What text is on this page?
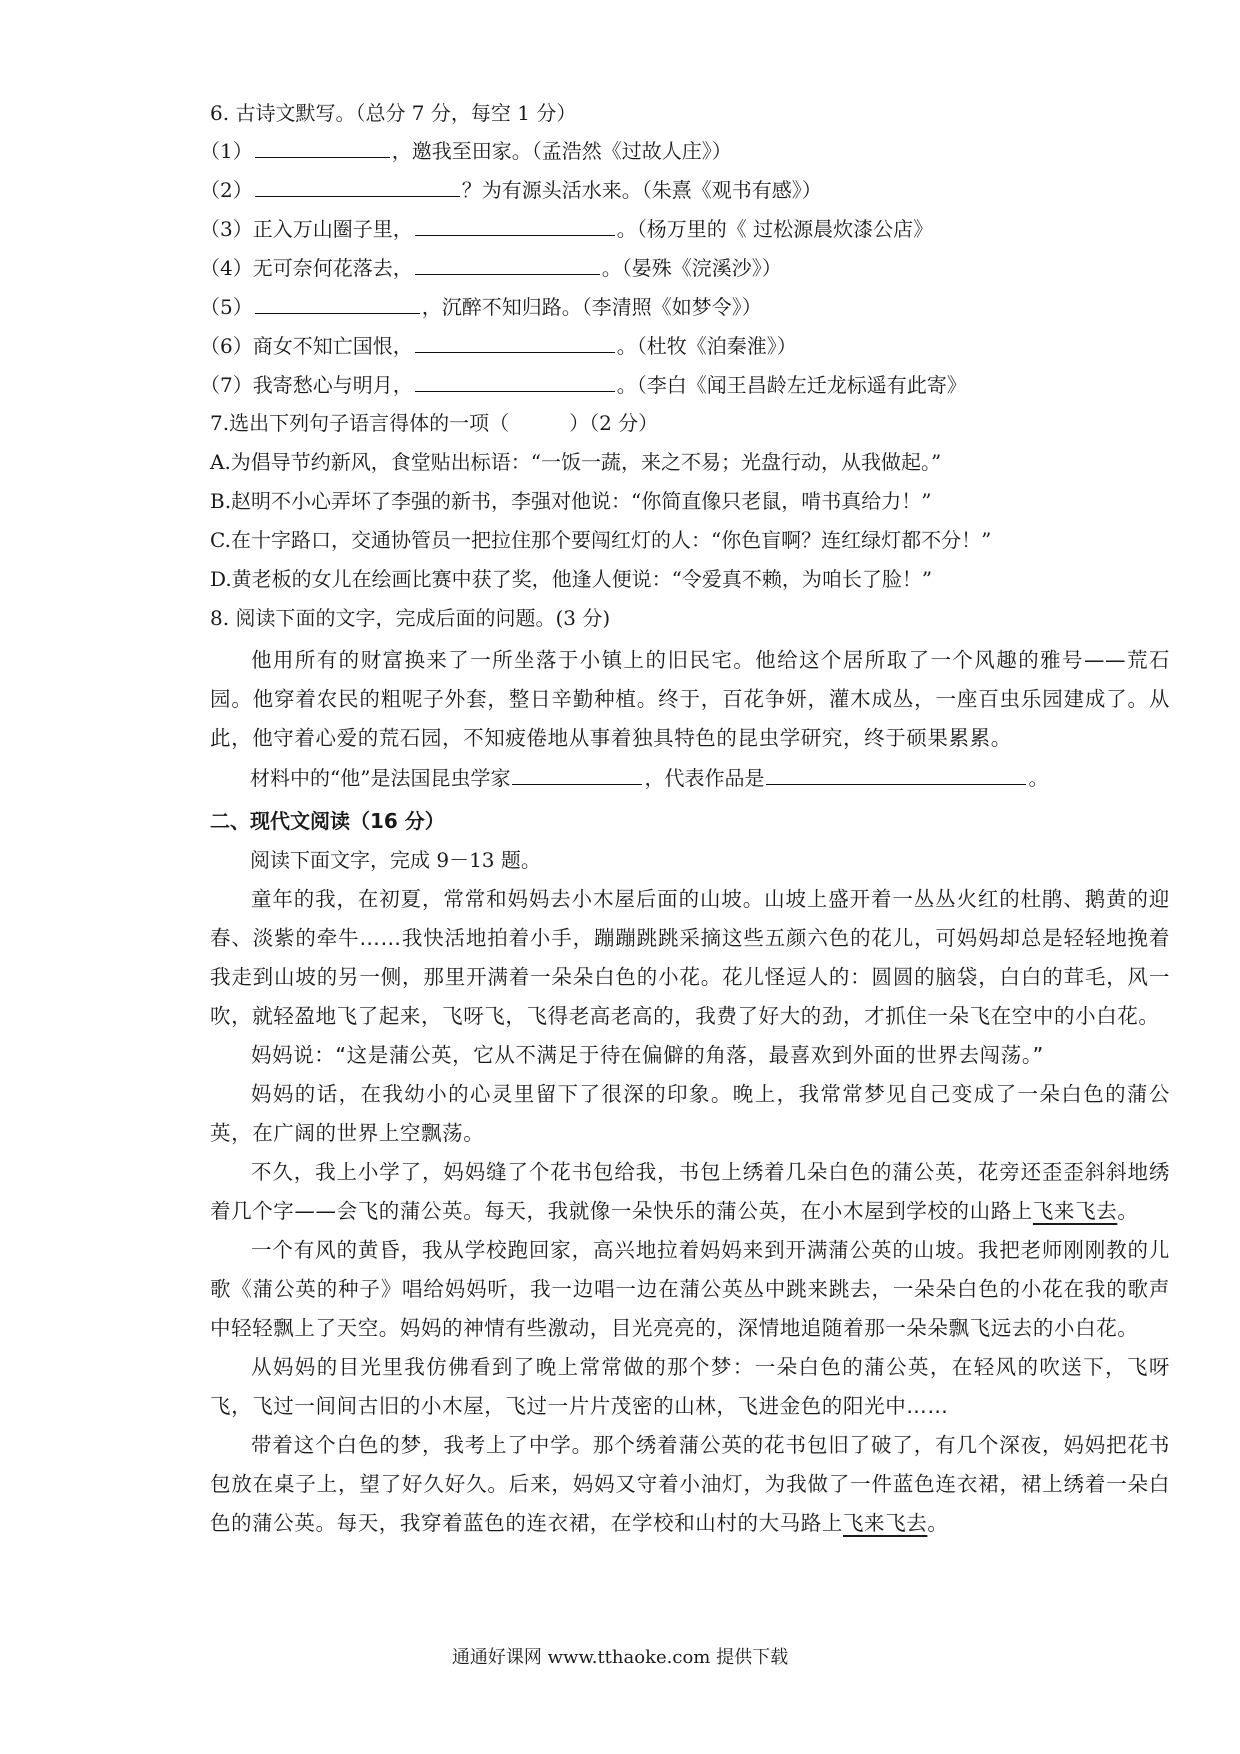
6. 古诗文默写。（总分 7 分，每空 1 分）
（1）	，邀我至田家。（孟浩然《过故人庄》）
（2）	？为有源头活水来。（朱熹《观书有感》）
（3）正入万山圈子里，	。（杨万里的《 过松源晨炊漆公店》
（4）无可奈何花落去，	。（晏殊《浣溪沙》）
（5）	，沉醉不知归路。（李清照《如梦令》）
（6）商女不知亡国恨，	。（杜牧《泊秦淮》）
（7）我寄愁心与明月，	。（李白《闻王昌龄左迁龙标遥有此寄》
7.选出下列句子语言得体的一项（　　　）（2 分）
A.为倡导节约新风，食堂贴出标语：“一饭一蔬，来之不易；光盘行动，从我做起。”
B.赵明不小心弄坏了李强的新书，李强对他说：“你简直像只老鼠，啃书真给力！”
C.在十字路口，交通协管员一把拉住那个要闯红灯的人：“你色盲啊？连红绿灯都不分！”
D.黄老板的女儿在绘画比赛中获了奖，他逢人便说：“令爱真不赖，为咱长了脸！”
8. 阅读下面的文字，完成后面的问题。(3 分)

他用所有的财富换来了一所坐落于小镇上的旧民宅。他给这个居所取了一个风趣的雅号——荒石园。他穿着农民的粗呢子外套，整日辛勤种植。终于，百花争妍，灌木成丛，一座百虫乐园建成了。从此，他守着心爱的荒石园，不知疲倦地从事着独具特色的昆虫学研究，终于硕果累累。

材料中的“他”是法国昆虫学家	，代表作品是	。
二、现代文阅读（16 分）
阅读下面文字，完成 9－13 题。

童年的我，在初夏，常常和妈妈去小木屋后面的山坡。山坡上盛开着一丛丛火红的杜鹃、鹅黄的迎春、淡紫的牵牛……我快活地拍着小手，蹦蹦跳跳采摘这些五颜六色的花儿，可妈妈却总是轻轻地挽着我走到山坡的另一侧，那里开满着一朵朵白色的小花。花儿怪逗人的：圆圆的脑袋，白白的茸毛，风一吹，就轻盈地飞了起来，飞呀飞，飞得老高老高的，我费了好大的劲，才抓住一朵飞在空中的小白花。

妈妈说：“这是蒲公英，它从不满足于待在偏僻的角落，最喜欢到外面的世界去闯荡。”

妈妈的话，在我幼小的心灵里留下了很深的印象。晚上，我常常梦见自己变成了一朵白色的蒲公英，在广阔的世界上空飘荡。

不久，我上小学了，妈妈缝了个花书包给我，书包上绣着几朵白色的蒲公英，花旁还歪歪斜斜地绣着几个字——会飞的蒲公英。每天，我就像一朵快乐的蒲公英，在小木屋到学校的山路上飞来飞去。

一个有风的黄昏，我从学校跑回家，高兴地拉着妈妈来到开满蒲公英的山坡。我把老师刚刚教的儿歌《蒲公英的种子》唱给妈妈听，我一边唱一边在蒲公英丛中跳来跳去，一朵朵白色的小花在我的歌声中轻轻飘上了天空。妈妈的神情有些激动，目光亮亮的，深情地追随着那一朵朵飘飞远去的小白花。

从妈妈的目光里我仿佛看到了晚上常常做的那个梦：一朵白色的蒲公英，在轻风的吹送下，飞呀飞，飞过一间间古旧的小木屋，飞过一片片茂密的山林，飞进金色的阳光中……

带着这个白色的梦，我考上了中学。那个绣着蒲公英的花书包旧了破了，有几个深夜，妈妈把花书包放在桌子上，望了好久好久。后来，妈妈又守着小油灯，为我做了一件蓝色连衣裙，裙上绣着一朵白色的蒲公英。每天，我穿着蓝色的连衣裙，在学校和山村的大马路上飞来飞去。

通通好课网 www.tthaoke.com 提供下载
